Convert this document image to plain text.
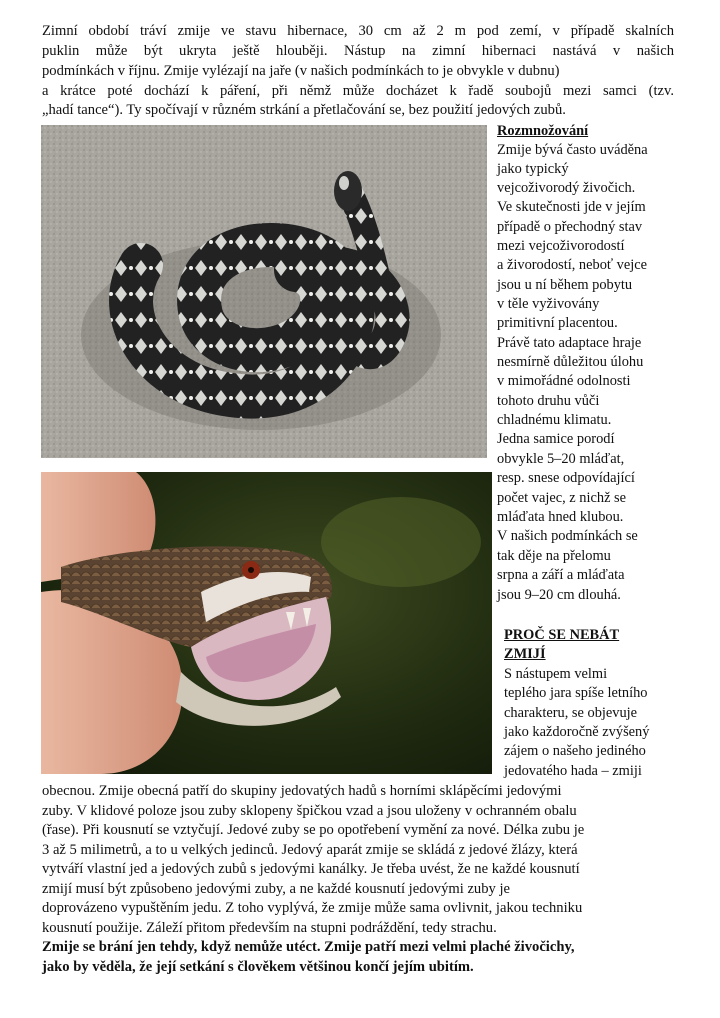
Zimní období tráví zmije ve stavu hibernace, 30 cm až 2 m pod zemí, v případě skalních
puklin může být ukryta ještě hlouběji. Nástup na zimní hibernaci nastává v našich
podmínkách v říjnu. Zmije vylézají na jaře (v našich podmínkách to je obvykle v dubnu)
a krátce poté dochází k páření, při němž může docházet k řadě soubojů mezi samci (tzv.
„hadí tance“). Ty spočívají v různém strkání a přetlačování se, bez použití jedových zubů.
Rozmnožování
Zmije bývá často uváděna
jako typický
vejcoživorodý živočich.
Ve skutečnosti jde v jejím
případě o přechodný stav
mezi vejcoživorodostí
a živorodostí, neboť vejce
jsou u ní během pobytu
v těle vyživovány
primitivní placentou.
Právě tato adaptace hraje
nesmírně důležitou úlohu
v mimořádné odolnosti
tohoto druhu vůči
chladnému klimatu.
Jedna samice porodí
obvykle 5–20 mláďat,
resp. snese odpovídající
počet vajec, z nichž se
mláďata hned klubou.
V našich podmínkách se
tak děje na přelomu
srpna a září a mláďata
jsou 9–20 cm dlouhá.
PROČ SE NEBÁT
ZMIJÍ
S nástupem velmi
teplého jara spíše letního
charakteru, se objevuje
jako každoročně zvýšený
zájem o našeho jediného
jedovatého hada – zmiji
obecnou. Zmije obecná patří do skupiny jedovatých hadů s horními sklápěcími jedovými
zuby. V klidové poloze jsou zuby sklopeny špičkou vzad a jsou uloženy v ochranném obalu
(řase). Při kousnutí se vztyčují. Jedové zuby se po opotřebení vymění za nové. Délka zubu je
3 až 5 milimetrů, a to u velkých jedinců. Jedový aparát zmije se skládá z jedové žlázy, která
vytváří vlastní jed a jedových zubů s jedovými kanálky. Je třeba uvést, že ne každé kousnutí
zmijí musí být způsobeno jedovými zuby, a ne každé kousnutí jedovými zuby je
doprovázeno vypuštěním jedu. Z toho vyplývá, že zmije může sama ovlivnit, jakou techniku
kousnutí použije. Záleží přitom především na stupni podráždění, tedy strachu.
Zmije se brání jen tehdy, když nemůže utéct. Zmije patří mezi velmi plaché živočichy,
jako by věděla, že její setkání s člověkem většinou končí jejím ubitím.
